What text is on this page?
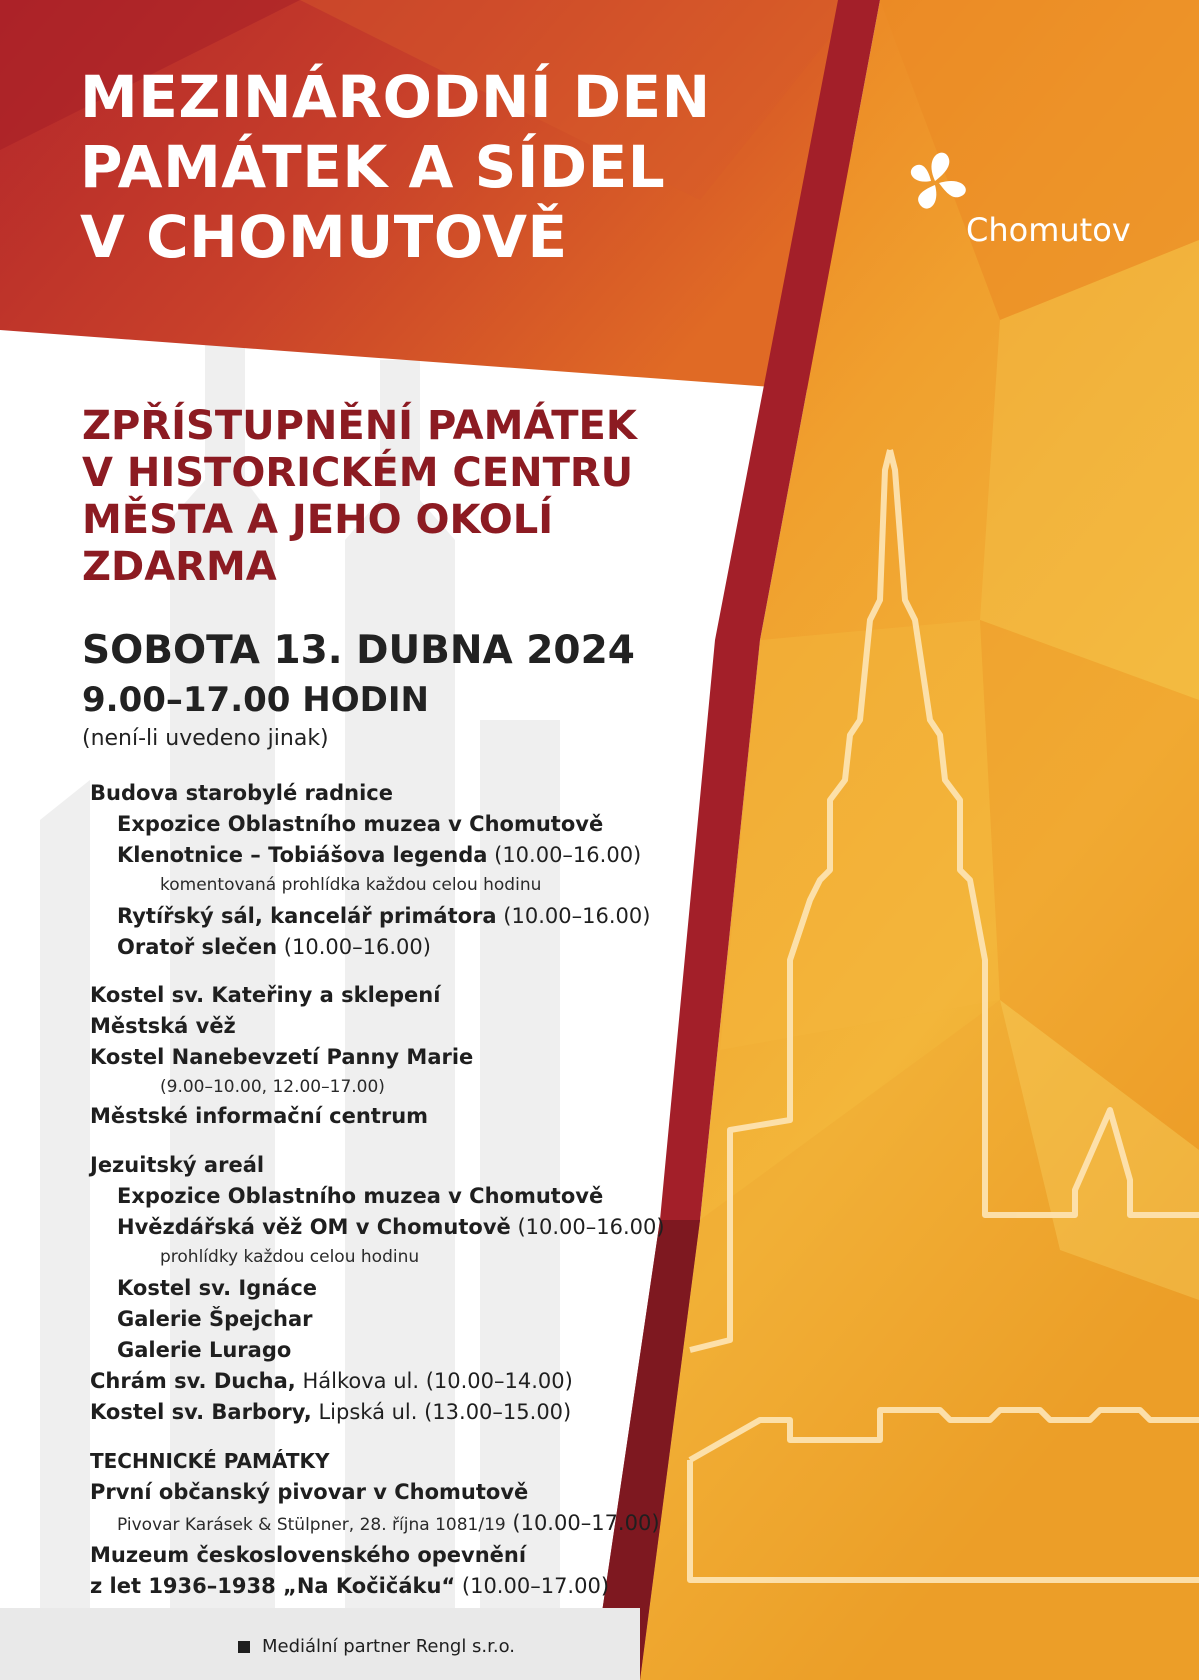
MEZINÁRODNÍ DEN
PAMÁTEK A SÍDEL
V CHOMUTOVĚ	Chomutov
ZPŘÍSTUPNĚNÍ PAMÁTEK
V HISTORICKÉM CENTRU
MĚSTA A JEHO OKOLÍ
ZDARMA
SOBOTA 13. DUBNA 2024
9.00–17.00 HODIN
(není-li uvedeno jinak)
Budova starobylé radnice
Expozice Oblastního muzea v Chomutově
Klenotnice – Tobiášova legenda (10.00–16.00)
komentovaná prohlídka každou celou hodinu
Rytířský sál, kancelář primátora (10.00–16.00)
Oratoř slečen (10.00–16.00)
Kostel sv. Kateřiny a sklepení
Městská věž
Kostel Nanebevzetí Panny Marie
(9.00–10.00, 12.00–17.00)
Městské informační centrum
Jezuitský areál
Expozice Oblastního muzea v Chomutově
Hvězdářská věž OM v Chomutově (10.00–16.00)
prohlídky každou celou hodinu
Kostel sv. Ignáce
Galerie Špejchar
Galerie Lurago
Chrám sv. Ducha, Hálkova ul. (10.00–14.00)
Kostel sv. Barbory, Lipská ul. (13.00–15.00)
TECHNICKÉ PAMÁTKY
První občanský pivovar v Chomutově
Pivovar Karásek & Stülpner, 28. října 1081/19 (10.00–17.00)
Muzeum československého opevnění
z let 1936–1938 „Na Kočičáku“ (10.00–17.00)
Mediální partner Rengl s.r.o.
